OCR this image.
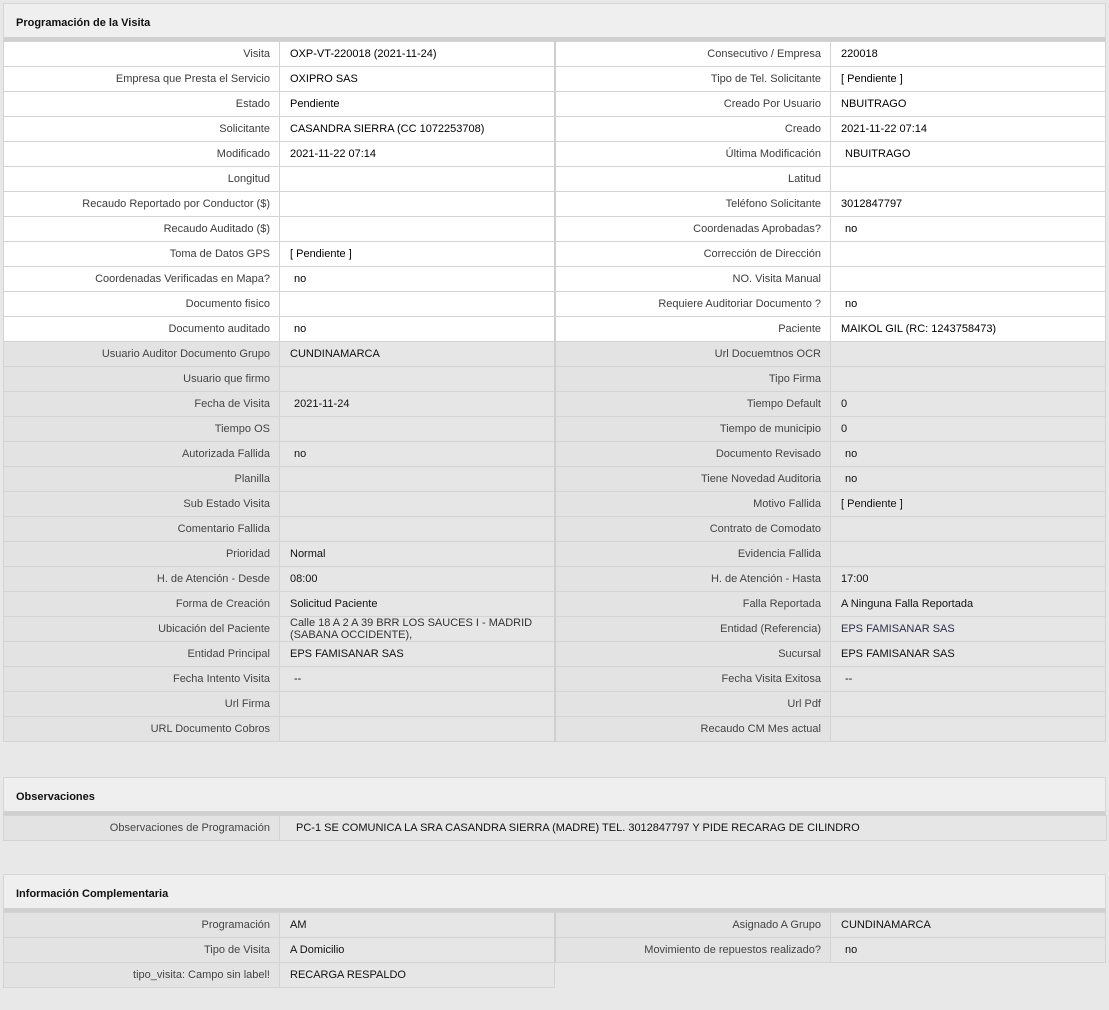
Programación de la Visita
Visita	OXP-VT-220018 (2021-11-24)	Consecutivo / Empresa	220018
Empresa que Presta el Servicio	OXIPRO SAS	Tipo de Tel. Solicitante	[ Pendiente ]
Estado	Pendiente	Creado Por Usuario	NBUITRAGO
Solicitante	CASANDRA SIERRA (CC 1072253708)	Creado	2021-11-22 07:14
Modificado	2021-11-22 07:14	Última Modificación	NBUITRAGO
Longitud		Latitud	
Recaudo Reportado por Conductor ($)		Teléfono Solicitante	3012847797
Recaudo Auditado ($)		Coordenadas Aprobadas?	no
Toma de Datos GPS	[ Pendiente ]	Corrección de Dirección	
Coordenadas Verificadas en Mapa?	no	NO. Visita Manual	
Documento fisico		Requiere Auditoriar Documento ?	no
Documento auditado	no	Paciente	MAIKOL GIL (RC: 1243758473)
Usuario Auditor Documento Grupo	CUNDINAMARCA	Url Docuemtnos OCR	
Usuario que firmo		Tipo Firma	
Fecha de Visita	2021-11-24	Tiempo Default	0
Tiempo OS		Tiempo de municipio	0
Autorizada Fallida	no	Documento Revisado	no
Planilla		Tiene Novedad Auditoria	no
Sub Estado Visita		Motivo Fallida	[ Pendiente ]
Comentario Fallida		Contrato de Comodato	
Prioridad	Normal	Evidencia Fallida	
H. de Atención - Desde	08:00	H. de Atención - Hasta	17:00
Forma de Creación	Solicitud Paciente	Falla Reportada	A Ninguna Falla Reportada
Ubicación del Paciente	Calle 18 A 2 A 39 BRR LOS SAUCES I - MADRID (SABANA OCCIDENTE),	Entidad (Referencia)	EPS FAMISANAR SAS
Entidad Principal	EPS FAMISANAR SAS	Sucursal	EPS FAMISANAR SAS
Fecha Intento Visita	--	Fecha Visita Exitosa	--
Url Firma		Url Pdf	
URL Documento Cobros		Recaudo CM Mes actual	
Observaciones
Observaciones de Programación	PC-1 SE COMUNICA LA SRA CASANDRA SIERRA (MADRE) TEL. 3012847797 Y PIDE RECARAG DE CILINDRO
Información Complementaria
Programación	AM	Asignado A Grupo	CUNDINAMARCA
Tipo de Visita	A Domicilio	Movimiento de repuestos realizado?	no
tipo_visita: Campo sin label!	RECARGA RESPALDO		
